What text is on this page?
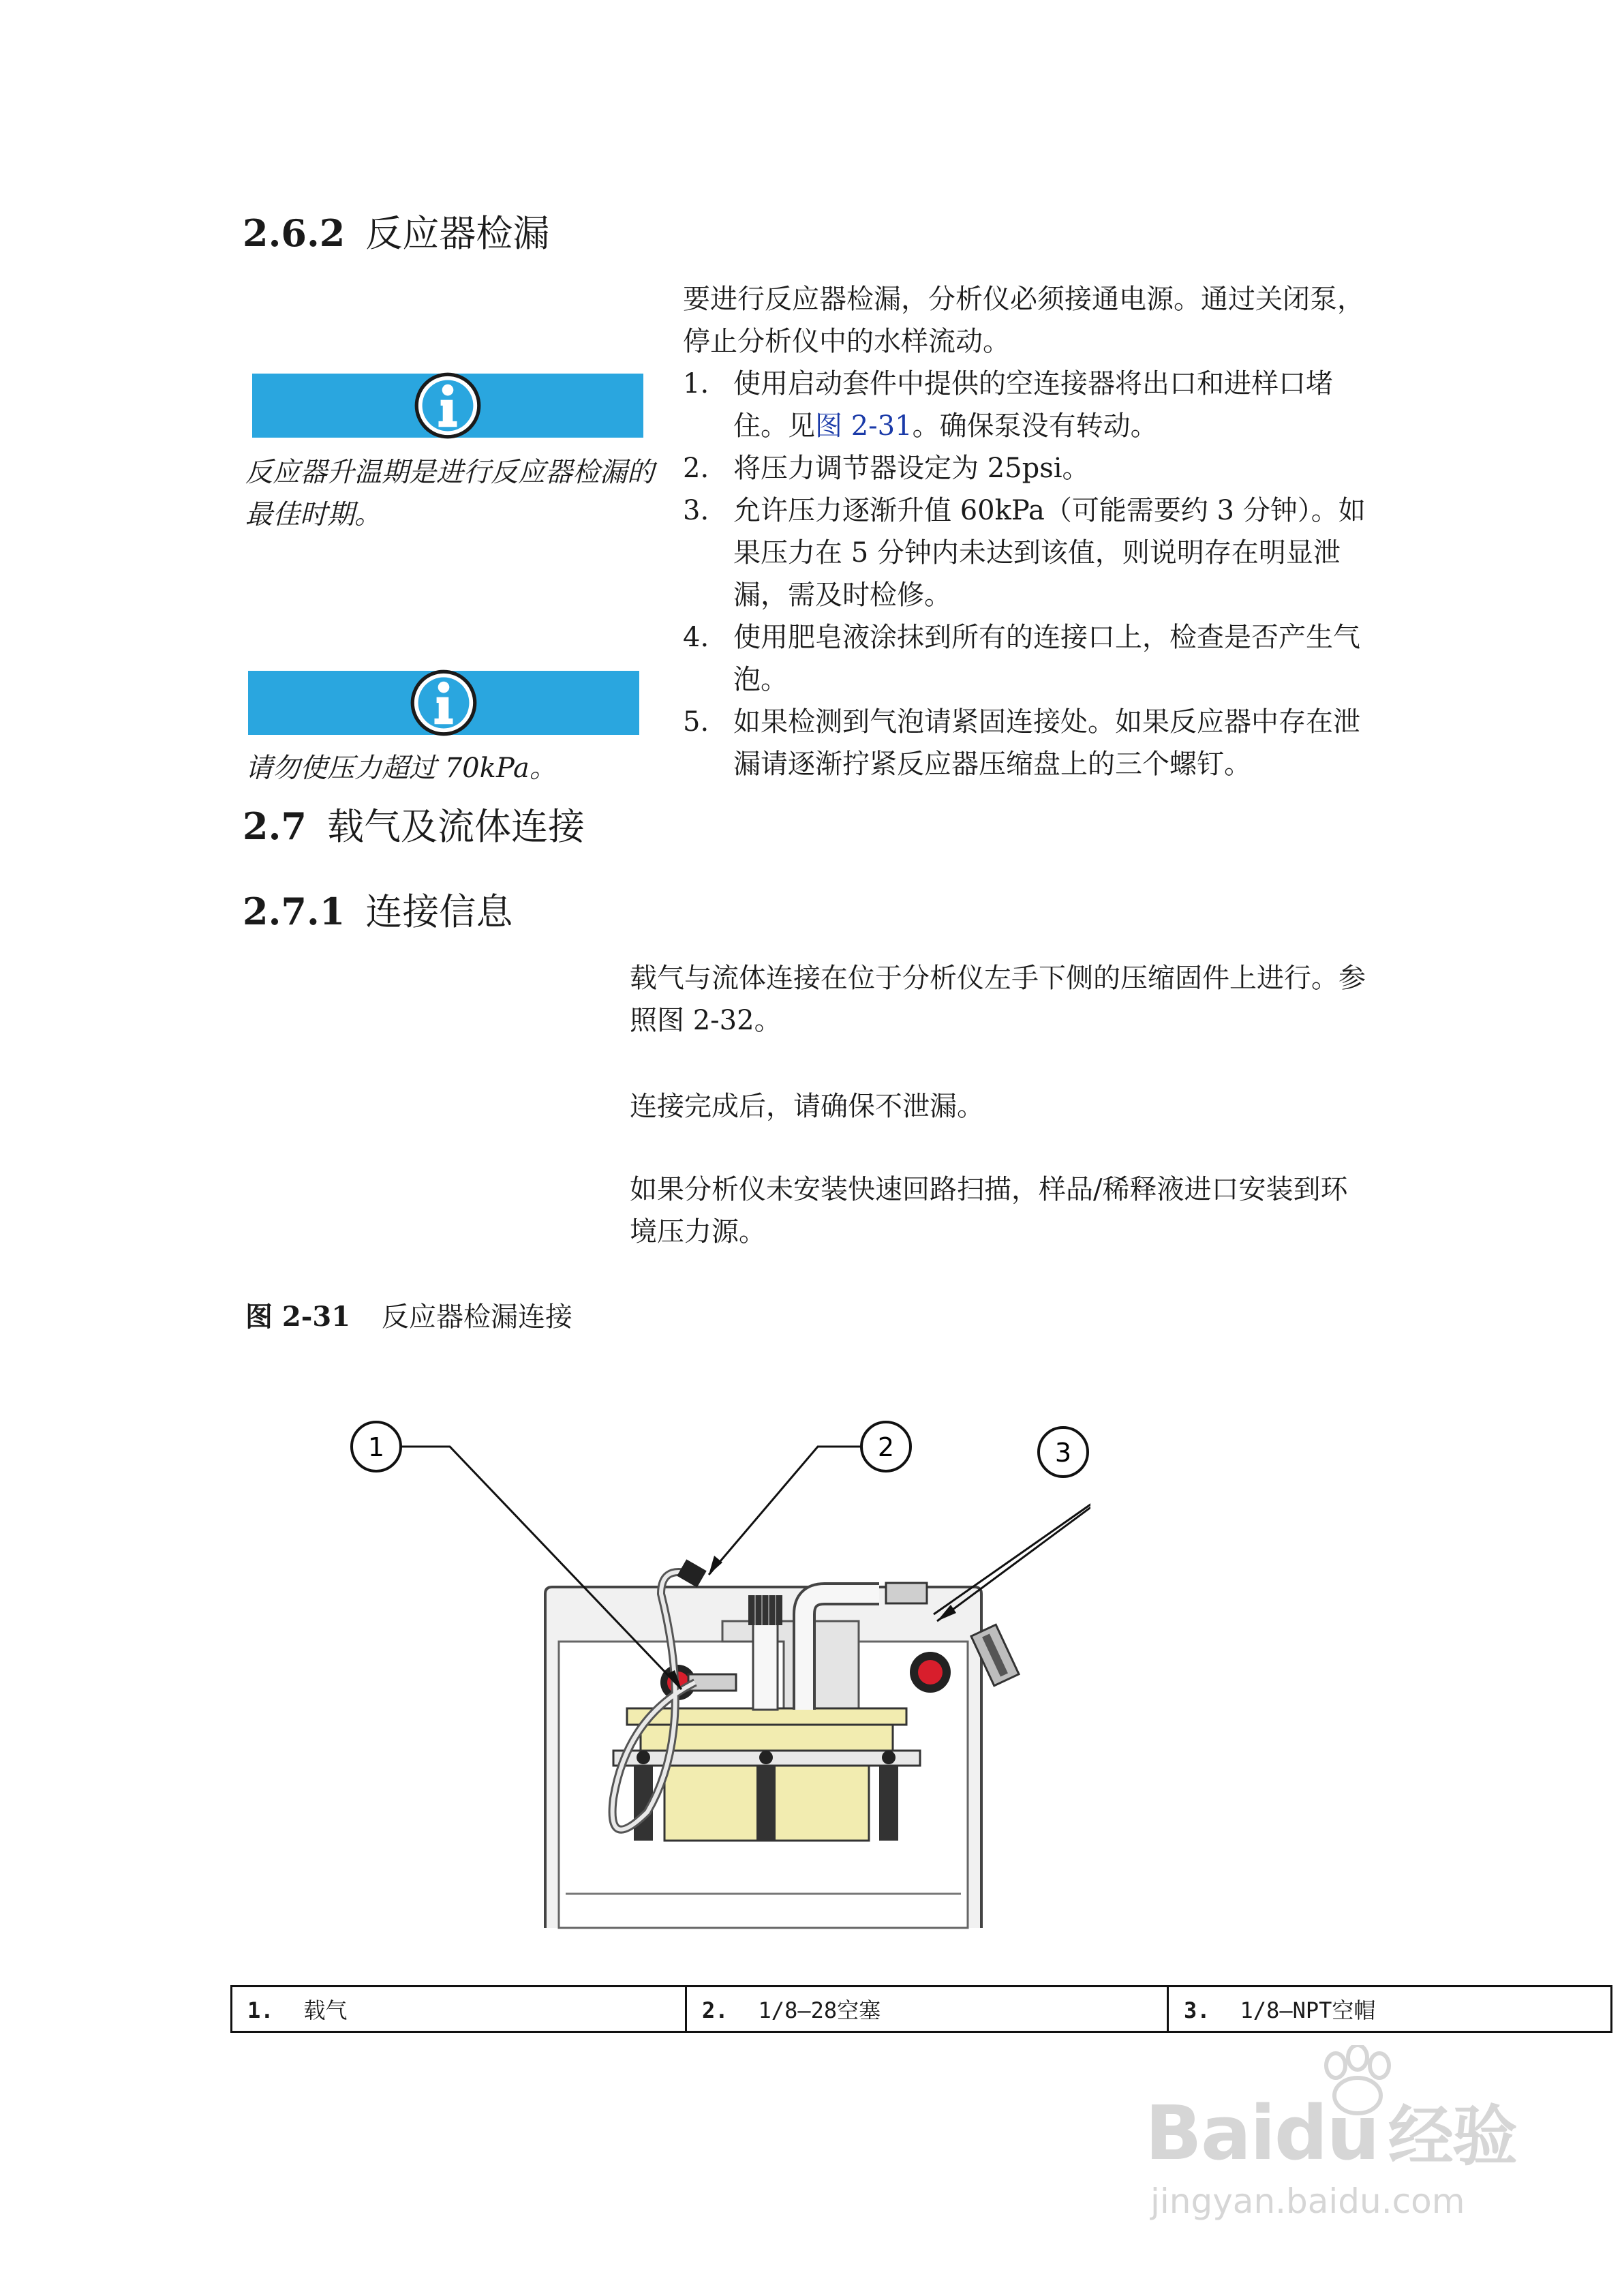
2.6.2 反应器检漏

要进行反应器检漏，分析仪必须接通电源。通过关闭泵，停止分析仪中的水样流动。

1. 使用启动套件中提供的空连接器将出口和进样口堵住。见图 2-31。确保泵没有转动。
2. 将压力调节器设定为 25psi。
3. 允许压力逐渐升值 60kPa（可能需要约 3 分钟）。如果压力在 5 分钟内未达到该值，则说明存在明显泄漏，需及时检修。
4. 使用肥皂液涂抹到所有的连接口上，检查是否产生气泡。
5. 如果检测到气泡请紧固连接处。如果反应器中存在泄漏请逐渐拧紧反应器压缩盘上的三个螺钉。
反应器升温期是进行反应器检漏的最佳时期。
请勿使压力超过 70kPa。
2.7 载气及流体连接
2.7.1 连接信息
载气与流体连接在位于分析仪左手下侧的压缩固件上进行。参照图 2-32。
连接完成后，请确保不泄漏。
如果分析仪未安装快速回路扫描，样品/稀释液进口安装到环境压力源。
图 2-31 反应器检漏连接
1	2	3
1. 载气	2. 1/8—28空塞	3. 1/8—NPT空帽
Baidu 经验
jingyan.baidu.com
